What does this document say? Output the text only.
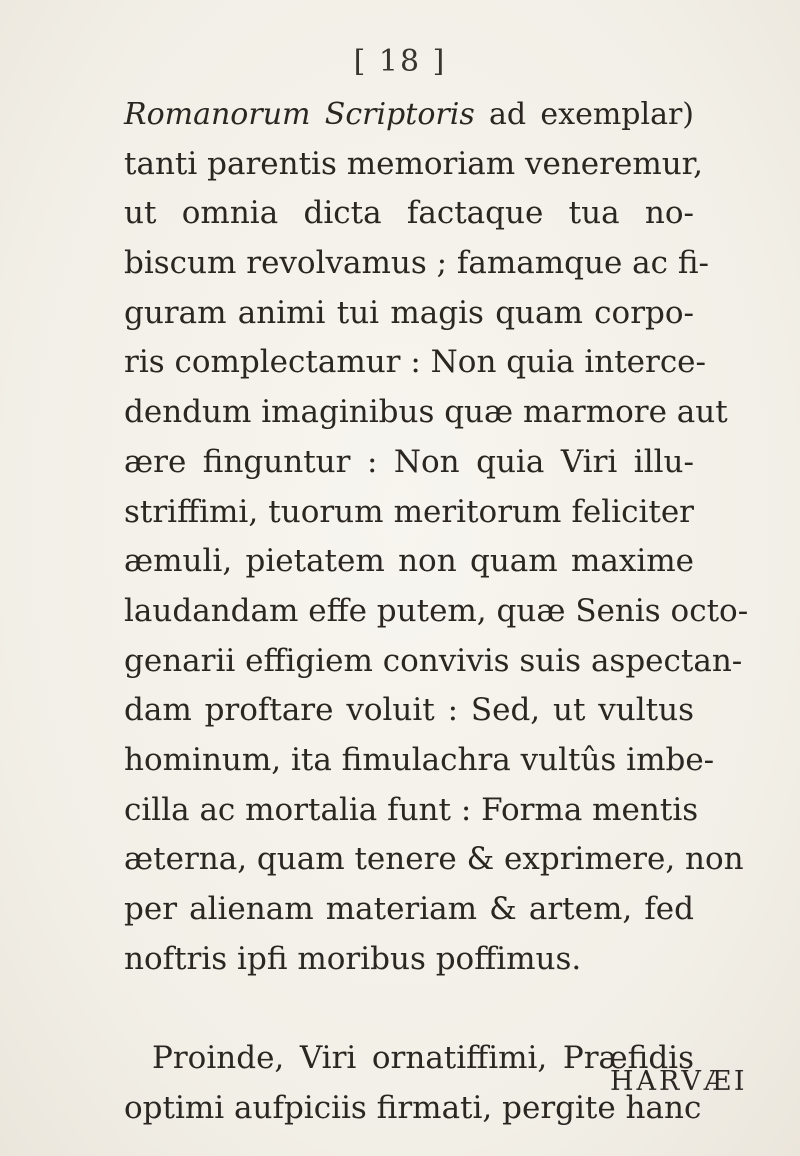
[ 18 ]
Romanorum Scriptoris ad exemplar)
tanti parentis memoriam veneremur,
ut omnia dicta factaque tua no-
biscum revolvamus ; famamque ac fi-
guram animi tui magis quam corpo-
ris complectamur : Non quia interce-
dendum imaginibus quæ marmore aut
ære finguntur : Non quia Viri illu-
striffimi, tuorum meritorum feliciter
æmuli, pietatem non quam maxime
laudandam effe putem, quæ Senis octo-
genarii effigiem convivis suis aspectan-
dam proftare voluit : Sed, ut vultus
hominum, ita fimulachra vultûs imbe-
cilla ac mortalia funt : Forma mentis
æterna, quam tenere & exprimere, non
per alienam materiam & artem, fed
noftris ipfi moribus poffimus.
Proinde, Viri ornatiffimi, Præfidis
optimi aufpiciis firmati, pergite hanc
HARVÆI
